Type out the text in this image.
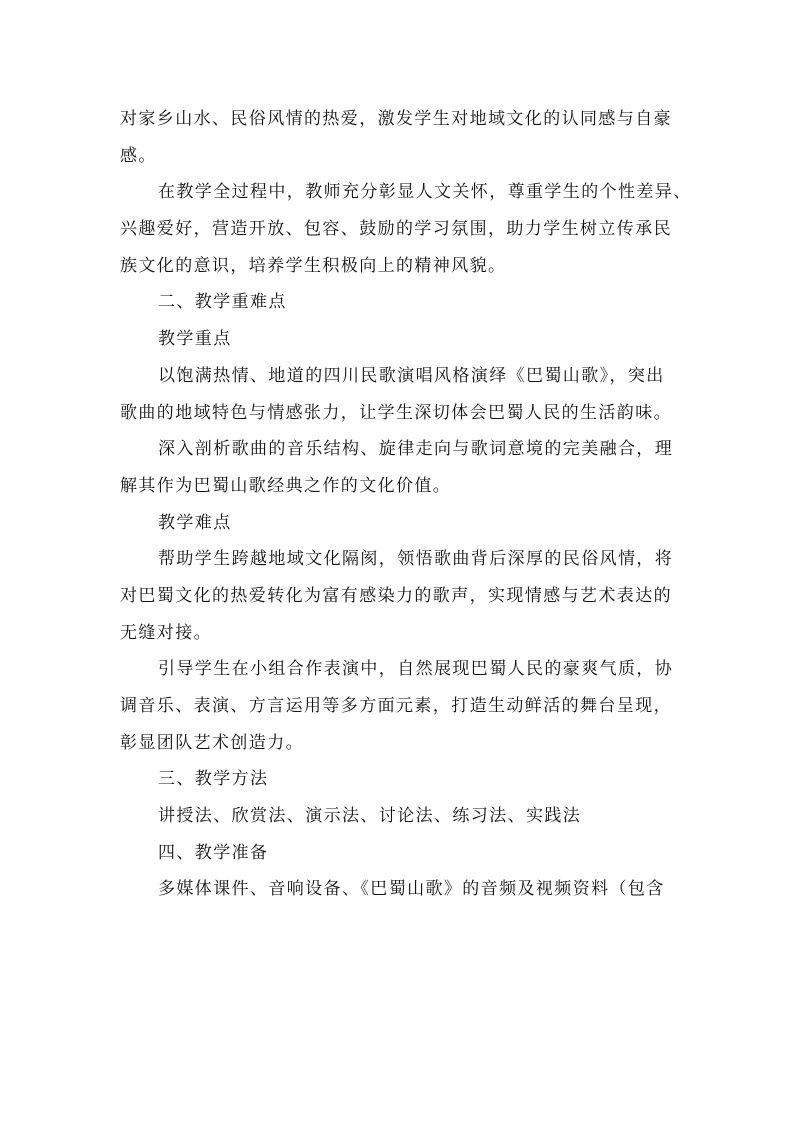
对家乡山水、民俗风情的热爱，激发学生对地域文化的认同感与自豪
感。
在教学全过程中，教师充分彰显人文关怀，尊重学生的个性差异、
兴趣爱好，营造开放、包容、鼓励的学习氛围，助力学生树立传承民
族文化的意识，培养学生积极向上的精神风貌。
二、教学重难点
教学重点
以饱满热情、地道的四川民歌演唱风格演绎《巴蜀山歌》，突出
歌曲的地域特色与情感张力，让学生深切体会巴蜀人民的生活韵味。
深入剖析歌曲的音乐结构、旋律走向与歌词意境的完美融合，理
解其作为巴蜀山歌经典之作的文化价值。
教学难点
帮助学生跨越地域文化隔阂，领悟歌曲背后深厚的民俗风情，将
对巴蜀文化的热爱转化为富有感染力的歌声，实现情感与艺术表达的
无缝对接。
引导学生在小组合作表演中，自然展现巴蜀人民的豪爽气质，协
调音乐、表演、方言运用等多方面元素，打造生动鲜活的舞台呈现，
彰显团队艺术创造力。
三、教学方法
讲授法、欣赏法、演示法、讨论法、练习法、实践法
四、教学准备
多媒体课件、音响设备、《巴蜀山歌》的音频及视频资料（包含
